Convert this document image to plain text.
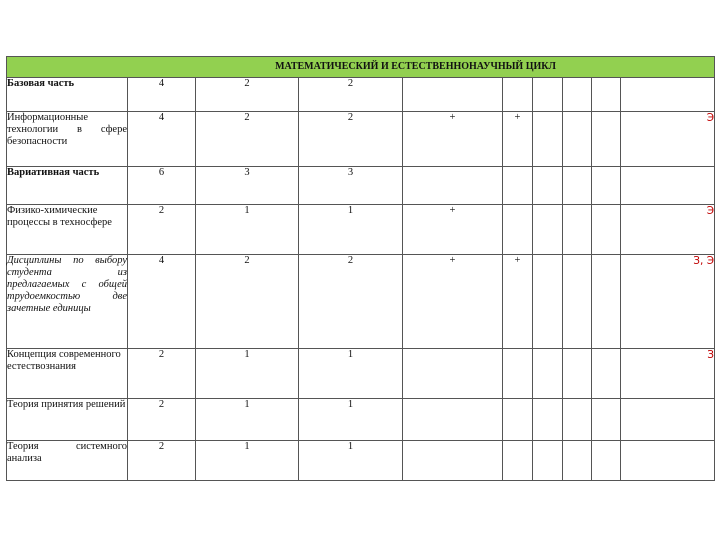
МАТЕМАТИЧЕСКИЙ И ЕСТЕСТВЕННОНАУЧНЫЙ ЦИКЛ									
Базовая часть	4	2	2						
Информационные технологии в сфере безопасности	4	2	2	+	+				Э
Вариативная часть	6	3	3						
Физико-химические процессы в техносфере	2	1	1	+					Э
Дисциплины по выбору студента из предлагаемых с общей трудоемкостью две зачетные единицы	4	2	2	+	+				З, Э
Концепция современного естествознания	2	1	1						З
Теория принятия решений	2	1	1						
Теория системного анализа	2	1	1						
